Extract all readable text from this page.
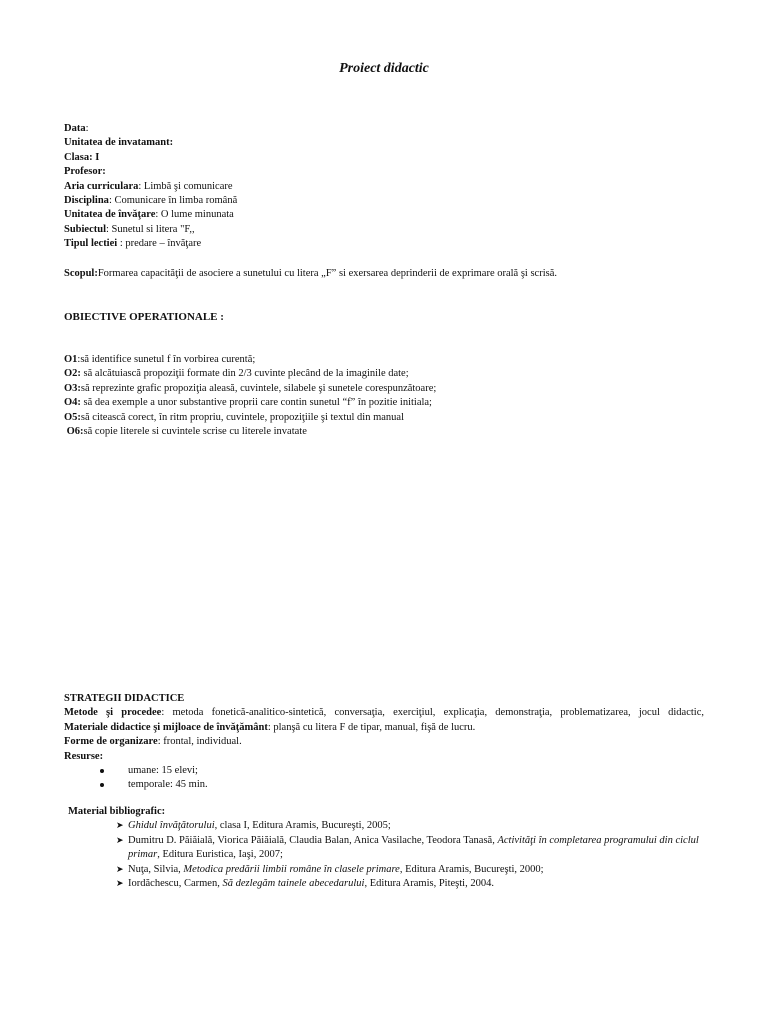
Proiect didactic
Data:
Unitatea de invatamant:
Clasa: I
Profesor:
Aria curriculara: Limbă şi comunicare
Disciplina: Comunicare în limba română
Unitatea de învăţare: O lume minunata
Subiectul: Sunetul si litera "F,,
Tipul lectiei : predare – învăţare
Scopul:Formarea capacităţii de asociere a sunetului cu litera „F” si exersarea deprinderii de exprimare orală şi scrisă.
OBIECTIVE OPERATIONALE :
O1:să identifice sunetul f în vorbirea curentă;
O2: să alcătuiască propoziţii formate din 2/3 cuvinte plecând de la imaginile date;
O3:să reprezinte grafic propoziţia aleasă, cuvintele, silabele şi sunetele corespunzătoare;
O4: să dea exemple a unor substantive proprii care contin sunetul “f” în pozitie initiala;
O5:să citească corect, în ritm propriu, cuvintele, propoziţiile şi textul din manual
O6:să copie literele si cuvintele scrise cu literele invatate
STRATEGII DIDACTICE
Metode şi procedee: metoda fonetică-analitico-sintetică, conversaţia, exerciţiul, explicaţia, demonstraţia, problematizarea, jocul didactic,
Materiale didactice şi mijloace de învăţământ: planşă cu litera F de tipar, manual, fişă de lucru.
Forme de organizare: frontal, individual.
Resurse:
umane: 15 elevi;
temporale: 45 min.
Material bibliografic:
➤ Ghidul învăţătorului, clasa I, Editura Aramis, Bucureşti, 2005;
➤ Dumitru D. Păiăială, Viorica Păiăială, Claudia Balan, Anica Vasilache, Teodora Tanasă, Activităţi în completarea programului din ciclul primar, Editura Euristica, Iaşi, 2007;
➤ Nuţa, Silvia, Metodica predării limbii române în clasele primare, Editura Aramis, Bucureşti, 2000;
➤ Iordăchescu, Carmen, Să dezlegăm tainele abecedarului, Editura Aramis, Piteşti, 2004.
